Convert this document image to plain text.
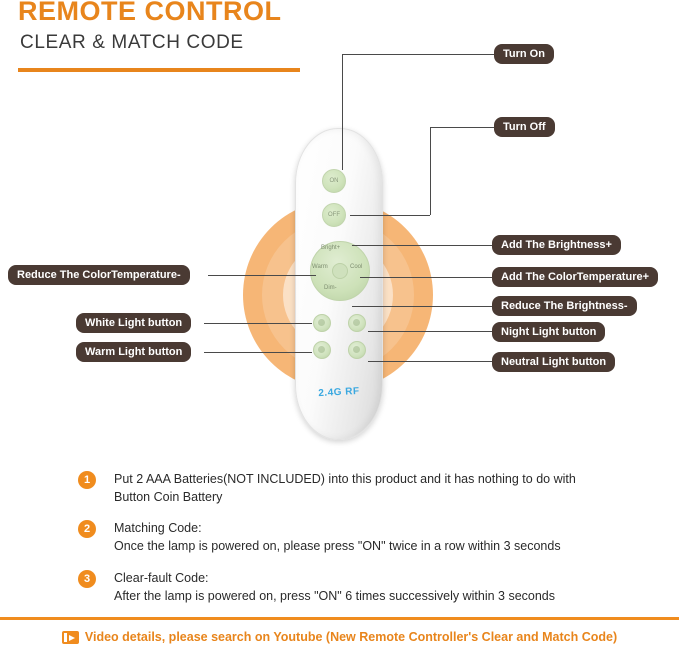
REMOTE CONTROL
CLEAR & MATCH CODE
ON
OFF
Bright+
Dim-
Warm	Cool
2.4G RF
Turn On
Turn Off
Add The Brightness+
Add The ColorTemperature+
Reduce The Brightness-
Night Light button
Neutral Light button
Reduce The ColorTemperature-
White Light button
Warm Light button
1	Put 2 AAA Batteries(NOT INCLUDED) into this product and it has nothing to do with
Button Coin Battery
2	Matching Code:
Once the lamp is powered on, please press "ON" twice in a row within 3 seconds
3	Clear-fault Code:
After the lamp is powered on, press "ON" 6 times successively within 3 seconds
Video details, please search on Youtube (New Remote Controller's Clear and Match Code)
